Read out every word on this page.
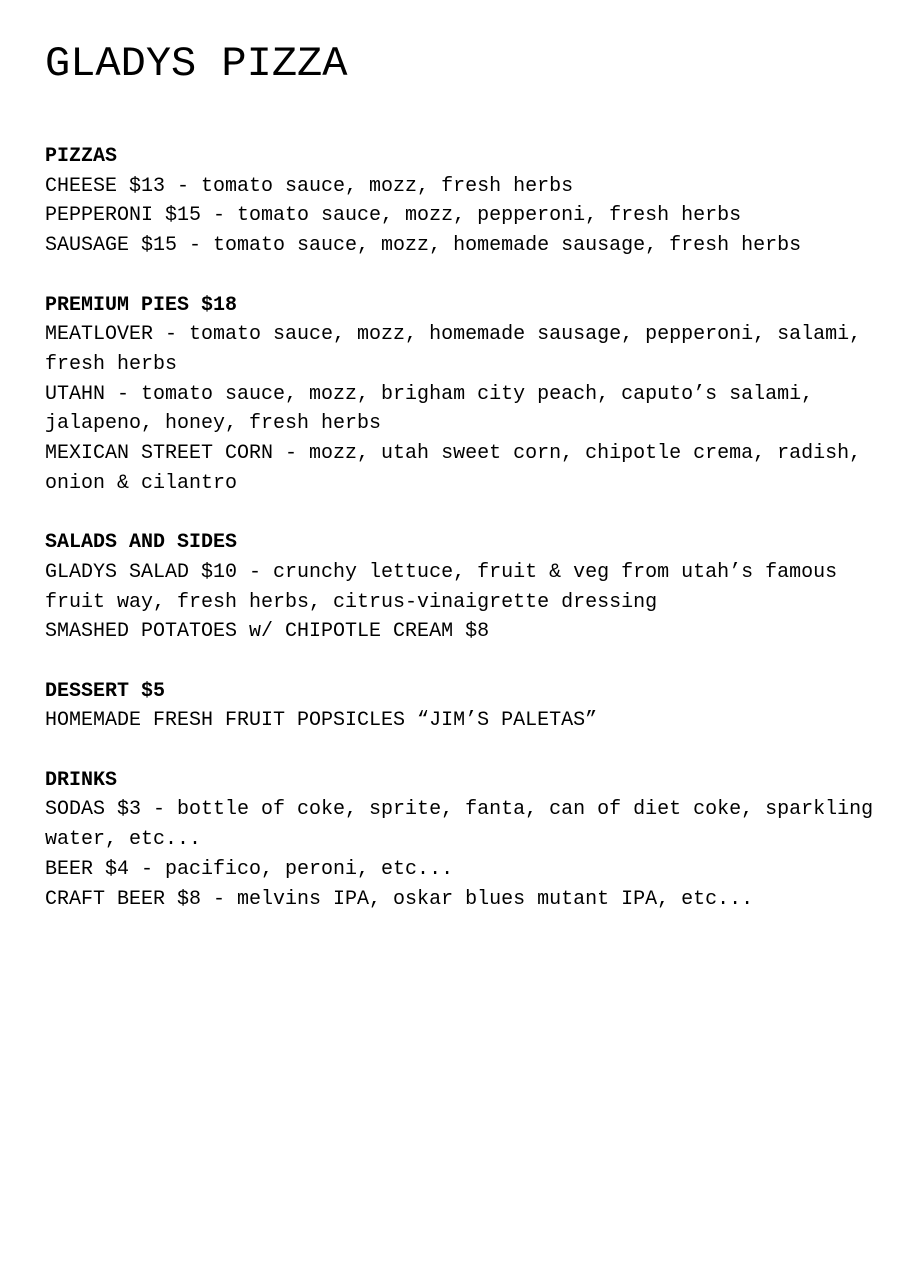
GLADYS PIZZA

PIZZAS

CHEESE $13 - tomato sauce, mozz, fresh herbs

PEPPERONI $15 - tomato sauce, mozz, pepperoni, fresh herbs

SAUSAGE $15 - tomato sauce, mozz, homemade sausage, fresh herbs

PREMIUM PIES $18

MEATLOVER - tomato sauce, mozz, homemade sausage, pepperoni, salami,

fresh herbs

UTAHN - tomato sauce, mozz, brigham city peach, caputo’s salami,

jalapeno, honey, fresh herbs

MEXICAN STREET CORN - mozz, utah sweet corn, chipotle crema, radish,

onion & cilantro

SALADS AND SIDES

GLADYS SALAD $10 - crunchy lettuce, fruit & veg from utah’s famous

fruit way, fresh herbs, citrus-vinaigrette dressing

SMASHED POTATOES w/ CHIPOTLE CREAM $8

DESSERT $5

HOMEMADE FRESH FRUIT POPSICLES “JIM’S PALETAS”

DRINKS

SODAS $3 - bottle of coke, sprite, fanta, can of diet coke, sparkling

water, etc...

BEER $4 - pacifico, peroni, etc...

CRAFT BEER $8 - melvins IPA, oskar blues mutant IPA, etc...
